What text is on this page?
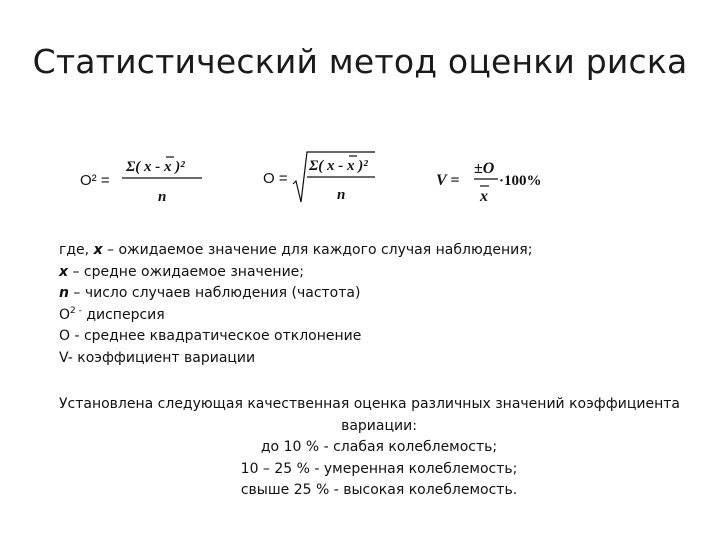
Статистический метод оценки риска
O² =
Σ( x - x )²
n
O =
Σ( x - x )²
n
V =
±O
x
·100%
где, x – ожидаемое значение для каждого случая наблюдения;
x – средне ожидаемое значение;
n – число случаев наблюдения (частота)
$O^{2 -}$ дисперсия
O - среднее квадратическое отклонение
V- коэффициент вариации
Установлена следующая качественная оценка различных значений коэффициента
вариации:
до 10 % - слабая колеблемость;
10 – 25 % - умеренная колеблемость;
свыше 25 % - высокая колеблемость.
